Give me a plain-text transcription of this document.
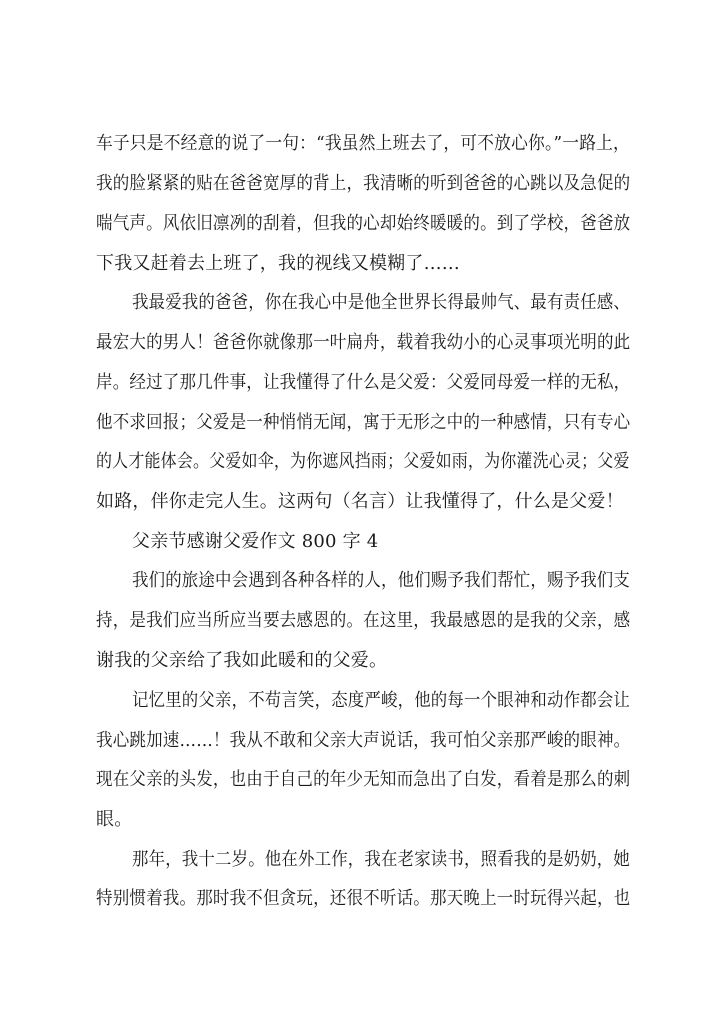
车子只是不经意的说了一句：“我虽然上班去了，可不放心你。”一路上，
我的脸紧紧的贴在爸爸宽厚的背上，我清晰的听到爸爸的心跳以及急促的
喘气声。风依旧凛冽的刮着，但我的心却始终暖暖的。到了学校，爸爸放
下我又赶着去上班了，我的视线又模糊了……
我最爱我的爸爸，你在我心中是他全世界长得最帅气、最有责任感、
最宏大的男人！爸爸你就像那一叶扁舟，载着我幼小的心灵事项光明的此
岸。经过了那几件事，让我懂得了什么是父爱：父爱同母爱一样的无私，
他不求回报；父爱是一种悄悄无闻，寓于无形之中的一种感情，只有专心
的人才能体会。父爱如伞，为你遮风挡雨；父爱如雨，为你灌洗心灵；父爱
如路，伴你走完人生。这两句（名言）让我懂得了，什么是父爱！
父亲节感谢父爱作文 800 字 4
我们的旅途中会遇到各种各样的人，他们赐予我们帮忙，赐予我们支
持，是我们应当所应当要去感恩的。在这里，我最感恩的是我的父亲，感
谢我的父亲给了我如此暖和的父爱。
记忆里的父亲，不苟言笑，态度严峻，他的每一个眼神和动作都会让
我心跳加速……！我从不敢和父亲大声说话，我可怕父亲那严峻的眼神。
现在父亲的头发，也由于自己的年少无知而急出了白发，看着是那么的刺
眼。
那年，我十二岁。他在外工作，我在老家读书，照看我的是奶奶，她
特别惯着我。那时我不但贪玩，还很不听话。那天晚上一时玩得兴起，也
